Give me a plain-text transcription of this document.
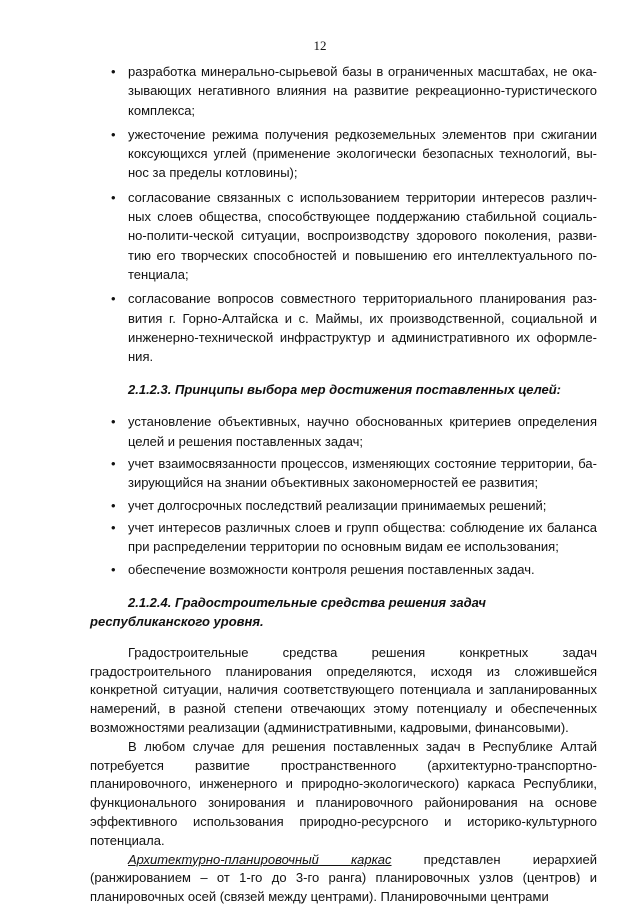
12
• разработка минерально-сырьевой базы в ограниченных масштабах, не ока-зывающих негативного влияния на развитие рекреационно-туристического комплекса;
• ужесточение режима получения редкоземельных элементов при сжигании коксующихся углей (применение экологически безопасных технологий, вы-нос за пределы котловины);
• согласование связанных с использованием территории интересов различ-ных слоев общества, способствующее поддержанию стабильной социаль-но-полити-ческой ситуации, воспроизводству здорового поколения, разви-тию его творческих способностей и повышению его интеллектуального по-тенциала;
• согласование вопросов совместного территориального планирования раз-вития г. Горно-Алтайска и с. Маймы, их производственной, социальной и инженерно-технической инфраструктур и административного их оформле-ния.
2.1.2.3. Принципы выбора мер достижения поставленных целей:
• установление объективных, научно обоснованных критериев определения целей и решения поставленных задач;
• учет взаимосвязанности процессов, изменяющих состояние территории, ба-зирующийся на знании объективных закономерностей ее развития;
• учет долгосрочных последствий реализации принимаемых решений;
• учет интересов различных слоев и групп общества: соблюдение их баланса при распределении территории по основным видам ее использования;
• обеспечение возможности контроля решения поставленных задач.
2.1.2.4. Градостроительные средства решения задач республиканского уровня.

Градостроительные средства решения конкретных задач градостроительного планирования определяются, исходя из сложившейся конкретной ситуации, наличия соответствующего потенциала и запланированных намерений, в разной степени отвечающих этому потенциалу и обеспеченных возможностями реализации (административными, кадровыми, финансовыми).

В любом случае для решения поставленных задач в Республике Алтай потребуется развитие пространственного (архитектурно-транспортно-планировочного, инженерного и природно-экологического) каркаса Республики, функционального зонирования и планировочного районирования на основе эффективного использования природно-ресурсного и историко-культурного потенциала.

Архитектурно-планировочный каркас представлен иерархией (ранжированием – от 1-го до 3-го ранга) планировочных узлов (центров) и планировочных осей (связей между центрами). Планировочными центрами
